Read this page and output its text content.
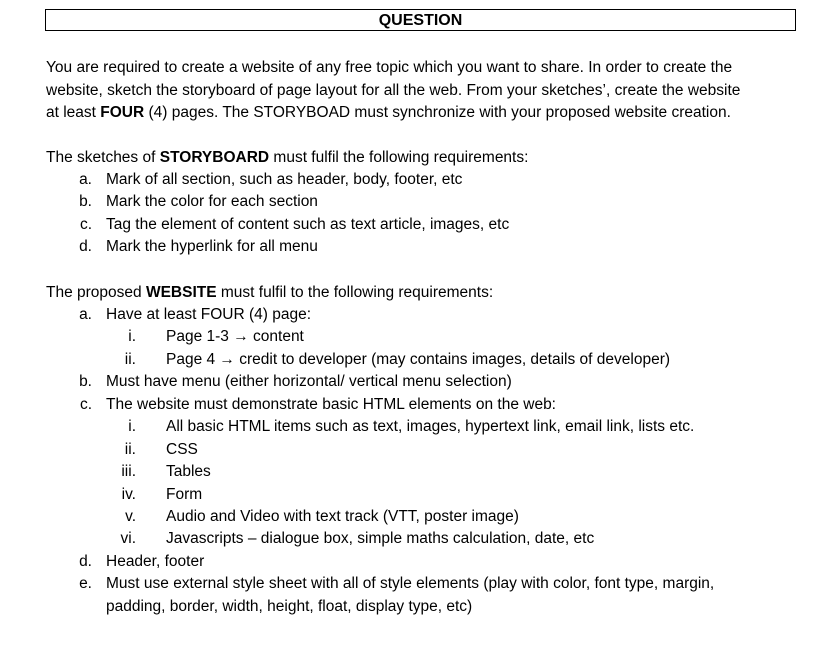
QUESTION
You are required to create a website of any free topic which you want to share. In order to create the
website, sketch the storyboard of page layout for all the web. From your sketches’, create the website
at least FOUR (4) pages. The STORYBOAD must synchronize with your proposed website creation.
The sketches of STORYBOARD must fulfil the following requirements:
a. Mark of all section, such as header, body, footer, etc
b. Mark the color for each section
c. Tag the element of content such as text article, images, etc
d. Mark the hyperlink for all menu
The proposed WEBSITE must fulfil to the following requirements:
a. Have at least FOUR (4) page:
i. Page 1-3 → content
ii. Page 4 → credit to developer (may contains images, details of developer)
b. Must have menu (either horizontal/ vertical menu selection)
c. The website must demonstrate basic HTML elements on the web:
i. All basic HTML items such as text, images, hypertext link, email link, lists etc.
ii. CSS
iii. Tables
iv. Form
v. Audio and Video with text track (VTT, poster image)
vi. Javascripts – dialogue box, simple maths calculation, date, etc
d. Header, footer
e. Must use external style sheet with all of style elements (play with color, font type, margin,
padding, border, width, height, float, display type, etc)
